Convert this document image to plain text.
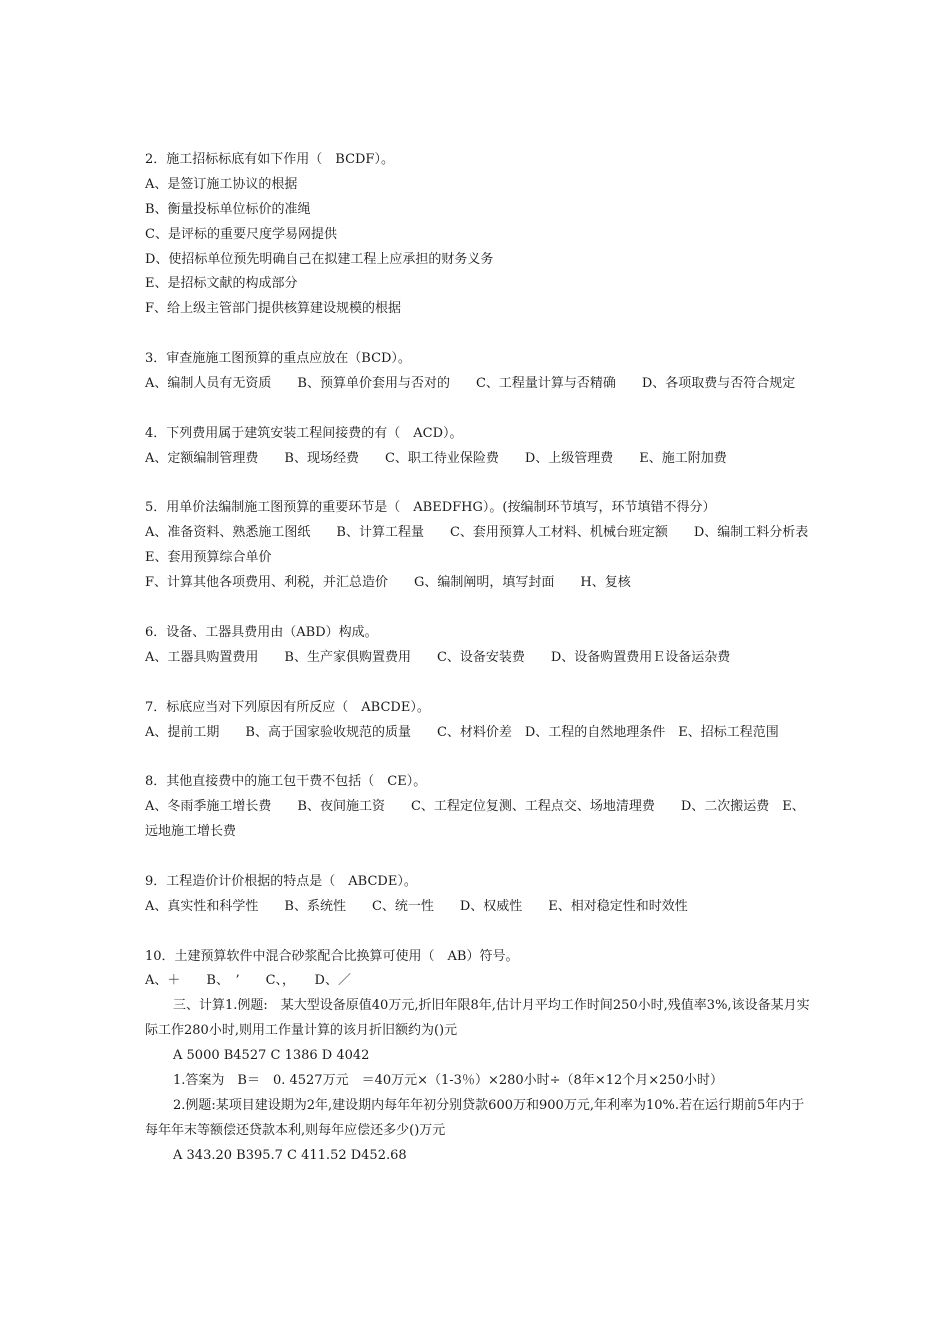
2．施工招标标底有如下作用（　BCDF）。
A、是签订施工协议的根据
B、衡量投标单位标价的准绳
C、是评标的重要尺度学易网提供
D、使招标单位预先明确自己在拟建工程上应承担的财务义务
E、是招标文献的构成部分
F、给上级主管部门提供核算建设规模的根据
3．审查施施工图预算的重点应放在（BCD）。
A、编制人员有无资质　　B、预算单价套用与否对的　　C、工程量计算与否精确　　D、各项取费与否符合规定
4．下列费用属于建筑安装工程间接费的有（　ACD）。
A、定额编制管理费　　B、现场经费　　C、职工待业保险费　　D、上级管理费　　E、施工附加费
5．用单价法编制施工图预算的重要环节是（　ABEDFHG）。(按编制环节填写，环节填错不得分）
A、准备资料、熟悉施工图纸　　B、计算工程量　　C、套用预算人工材料、机械台班定额　　D、编制工料分析表　　E、套用预算综合单价
F、计算其他各项费用、利税，并汇总造价　　G、编制阐明，填写封面　　H、复核
6．设备、工器具费用由（ABD）构成。
A、工器具购置费用　　B、生产家俱购置费用　　C、设备安装费　　D、设备购置费用Ｅ设备运杂费
7．标底应当对下列原因有所反应（　ABCDE）。
A、提前工期　　B、高于国家验收规范的质量　　C、材料价差　D、工程的自然地理条件　E、招标工程范围
8．其他直接费中的施工包干费不包括（　CE）。
A、冬雨季施工增长费　　B、夜间施工资　　C、工程定位复测、工程点交、场地清理费　　D、二次搬运费　E、远地施工增长费
9．工程造价计价根据的特点是（　ABCDE）。
A、真实性和科学性　　B、系统性　　C、统一性　　D、权威性　　E、相对稳定性和时效性
10．土建预算软件中混合砂浆配合比换算可使用（　AB）符号。
A、＋　　B、　’　　C、，　　D、／
三、计算1.例题:　某大型设备原值40万元,折旧年限8年,估计月平均工作时间250小时,残值率3%,该设备某月实际工作280小时,则用工作量计算的该月折旧额约为()元
A 5000 B4527 C 1386 D 4042
1.答案为　B＝　0. 4527万元　＝40万元×（1-3％）×280小时÷（8年×12个月×250小时）
2.例题:某项目建设期为2年,建设期内每年年初分别贷款600万和900万元,年利率为10%.若在运行期前5年内于每年年末等额偿还贷款本利,则每年应偿还多少()万元
A 343.20 B395.7 C 411.52 D452.68
